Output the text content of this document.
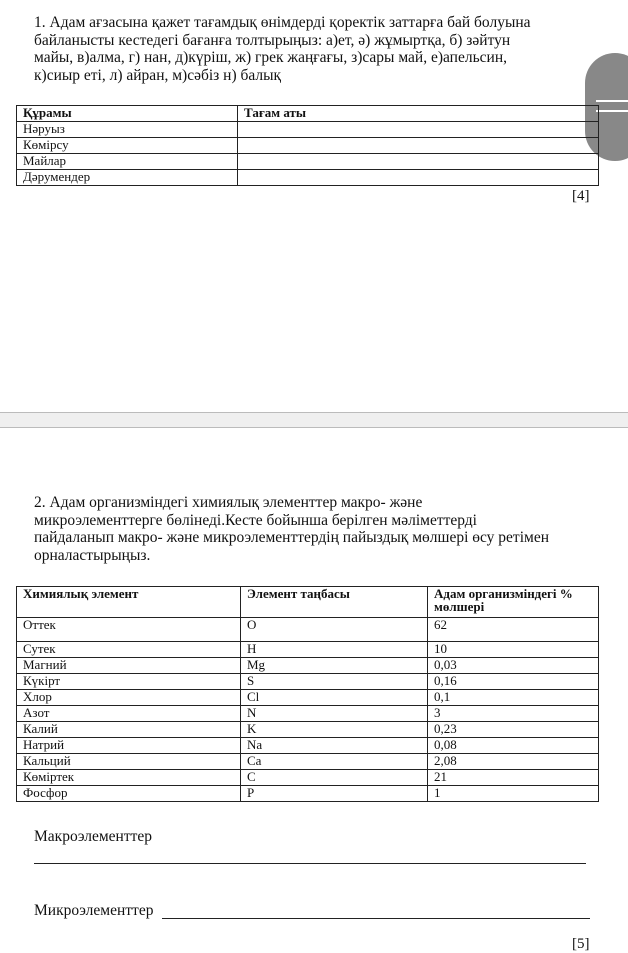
1. Адам ағзасына қажет тағамдық өнімдерді қоректік заттарға бай болуына
байланысты кестедегі бағанға толтырыңыз: а)ет, ә) жұмыртқа, б) зәйтун
майы, в)алма, г) нан, д)күріш, ж) грек жаңғағы, з)сары май, е)апельсин,
к)сиыр еті, л) айран, м)сәбіз н) балық
Құрамы	Тағам аты
Нәруыз	
Көмірсу	
Майлар	
Дәрумендер	
[4]
2. Адам организміндегі химиялық элементтер макро- және
микроэлементтерге бөлінеді.Кесте бойынша берілген мәліметтерді
пайдаланып макро- және микроэлементтердің пайыздық мөлшері өсу ретімен
орналастырыңыз.
Химиялық элемент	Элемент таңбасы	Адам организміндегі %
мөлшері

Оттек	O	62
Сутек	H	10
Магний	Mg	0,03
Күкірт	S	0,16
Хлор	Cl	0,1
Азот	N	3
Калий	K	0,23
Натрий	Na	0,08
Кальций	Ca	2,08
Көміртек	C	21
Фосфор	P	1
Макроэлементтер
Микроэлементтер
[5]
